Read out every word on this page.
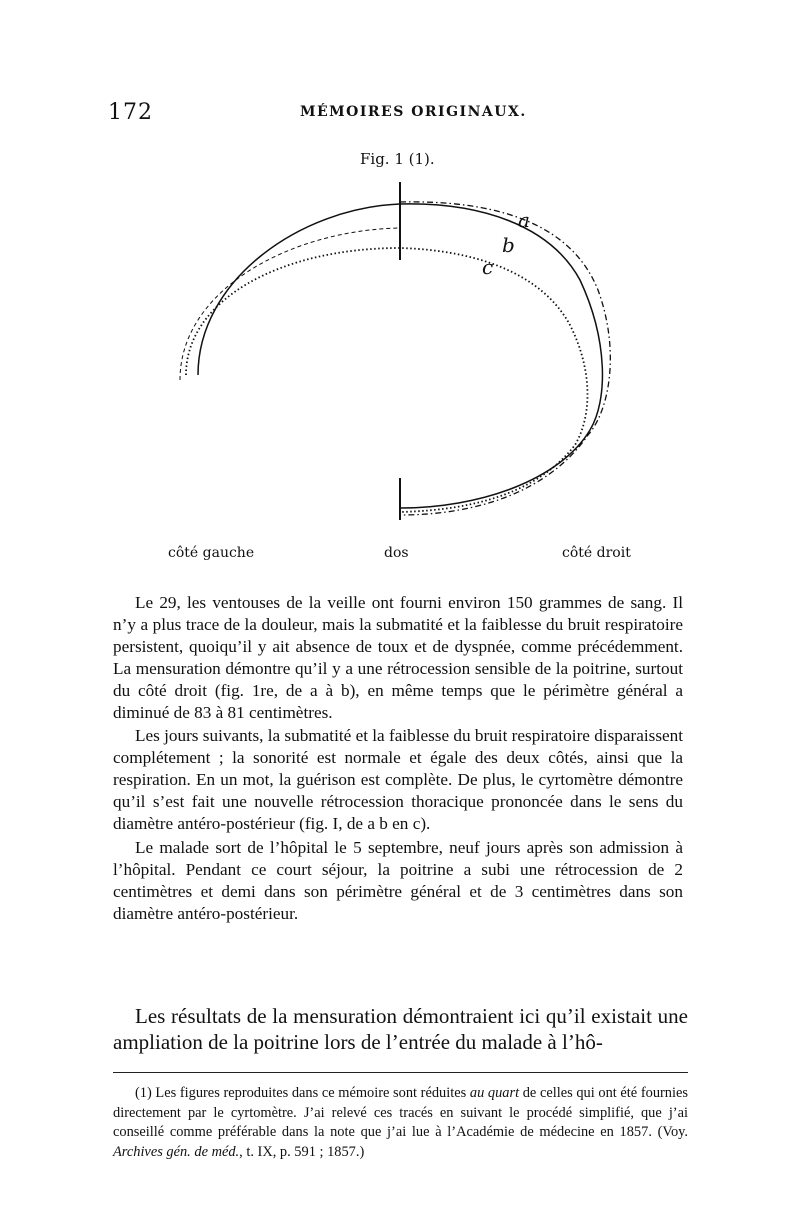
172	MÉMOIRES ORIGINAUX.
Fig. 1 (1).
a
b
c
côté gauche	dos	côté droit

Le 29, les ventouses de la veille ont fourni environ 150 grammes de sang. Il n’y a plus trace de la douleur, mais la submatité et la faiblesse du bruit respiratoire persistent, quoiqu’il y ait absence de toux et de dyspnée, comme précédemment. La mensuration démontre qu’il y a une rétrocession sensible de la poitrine, surtout du côté droit (fig. 1re, de a à b), en même temps que le périmètre général a diminué de 83 à 81 centimètres.

Les jours suivants, la submatité et la faiblesse du bruit respiratoire disparaissent complétement ; la sonorité est normale et égale des deux côtés, ainsi que la respiration. En un mot, la guérison est complète. De plus, le cyrtomètre démontre qu’il s’est fait une nouvelle rétrocession thoracique prononcée dans le sens du diamètre antéro-postérieur (fig. I, de a b en c).

Le malade sort de l’hôpital le 5 septembre, neuf jours après son admission à l’hôpital. Pendant ce court séjour, la poitrine a subi une rétrocession de 2 centimètres et demi dans son périmètre général et de 3 centimètres dans son diamètre antéro-postérieur.

Les résultats de la mensuration démontraient ici qu’il existait une ampliation de la poitrine lors de l’entrée du malade à l’hô-
(1) Les figures reproduites dans ce mémoire sont réduites au quart de celles qui ont été fournies directement par le cyrtomètre. J’ai relevé ces tracés en suivant le procédé simplifié, que j’ai conseillé comme préférable dans la note que j’ai lue à l’Académie de médecine en 1857. (Voy. Archives gén. de méd., t. IX, p. 591 ; 1857.)
